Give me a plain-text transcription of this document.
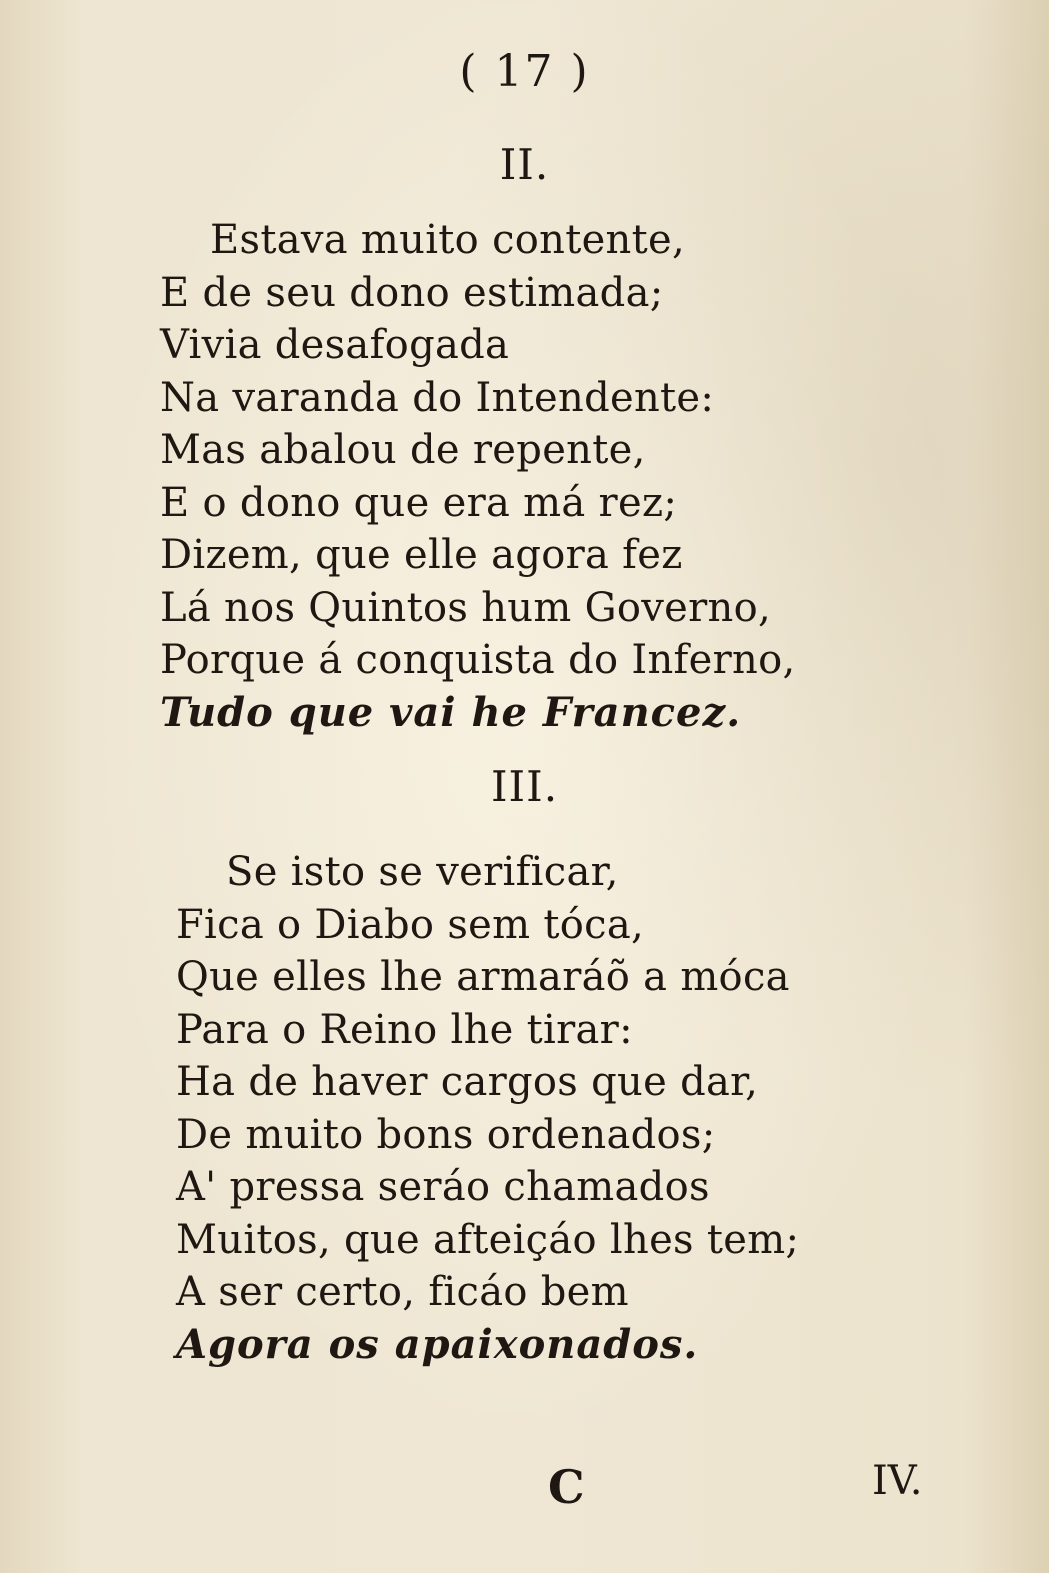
( 17 )
II.
Estava muito contente,
E de seu dono estimada;
Vivia desafogada
Na varanda do Intendente:
Mas abalou de repente,
E o dono que era má rez;
Dizem, que elle agora fez
Lá nos Quintos hum Governo,
Porque á conquista do Inferno,
Tudo que vai he Francez.
III.
Se isto se verificar,
Fica o Diabo sem tóca,
Que elles lhe armaráõ a móca
Para o Reino lhe tirar:
Ha de haver cargos que dar,
De muito bons ordenados;
A' pressa seráo chamados
Muitos, que afteiçáo lhes tem;
A ser certo, ficáo bem
Agora os apaixonados.
C	IV.
